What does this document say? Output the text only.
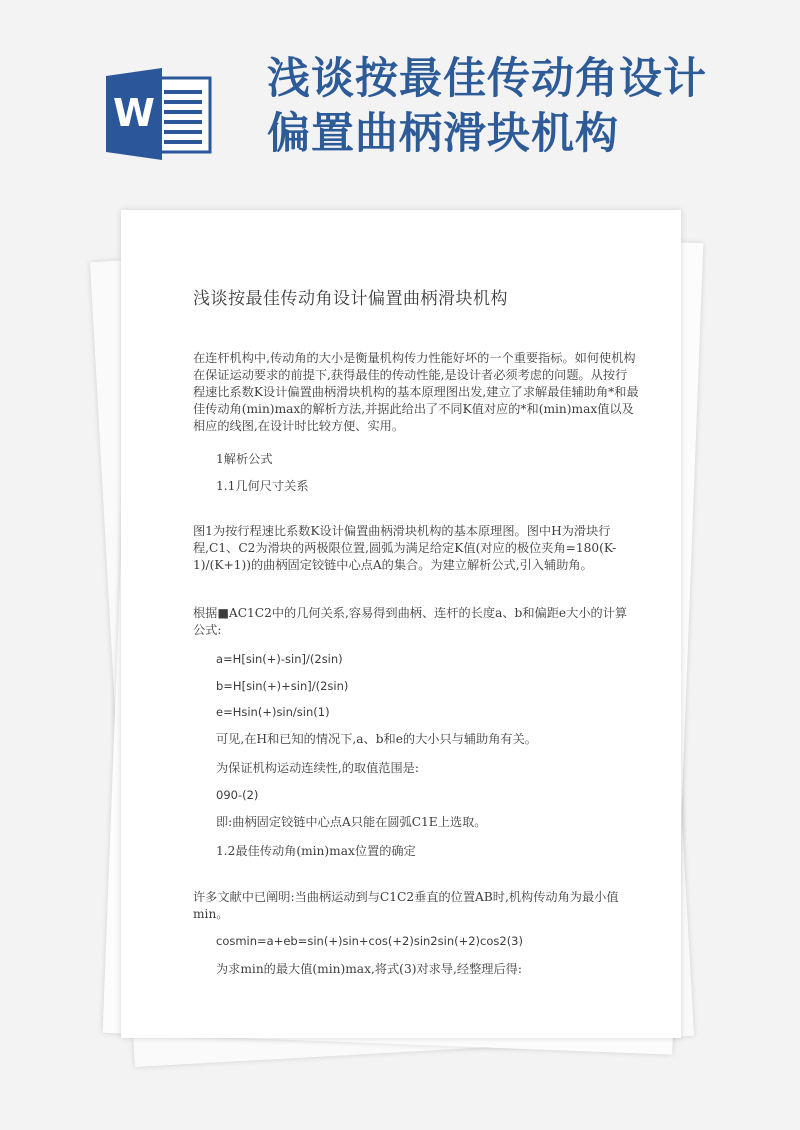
W
浅谈按最佳传动角设计
偏置曲柄滑块机构
浅谈按最佳传动角设计偏置曲柄滑块机构
在连杆机构中,传动角的大小是衡量机构传力性能好坏的一个重要指标。如何使机构在保证运动要求的前提下,获得最佳的传动性能,是设计者必须考虑的问题。从按行程速比系数K设计偏置曲柄滑块机构的基本原理图出发,建立了求解最佳辅助角*和最佳传动角(min)max的解析方法,并据此给出了不同K值对应的*和(min)max值以及相应的线图,在设计时比较方便、实用。
1解析公式
1.1几何尺寸关系
图1为按行程速比系数K设计偏置曲柄滑块机构的基本原理图。图中H为滑块行程,C1、C2为滑块的两极限位置,圆弧为满足给定K值(对应的极位夹角=180(K-1)/(K+1))的曲柄固定铰链中心点A的集合。为建立解析公式,引入辅助角。
根据■AC1C2中的几何关系,容易得到曲柄、连杆的长度a、b和偏距e大小的计算公式:
a=H[sin(+)-sin]/(2sin)
b=H[sin(+)+sin]/(2sin)
e=Hsin(+)sin/sin(1)
可见,在H和已知的情况下,a、b和e的大小只与辅助角有关。
为保证机构运动连续性,的取值范围是:
090-(2)
即:曲柄固定铰链中心点A只能在圆弧C1E上选取。
1.2最佳传动角(min)max位置的确定
许多文献中已阐明:当曲柄运动到与C1C2垂直的位置AB时,机构传动角为最小值min。
cosmin=a+eb=sin(+)sin+cos(+2)sin2sin(+2)cos2(3)
为求min的最大值(min)max,将式(3)对求导,经整理后得:
